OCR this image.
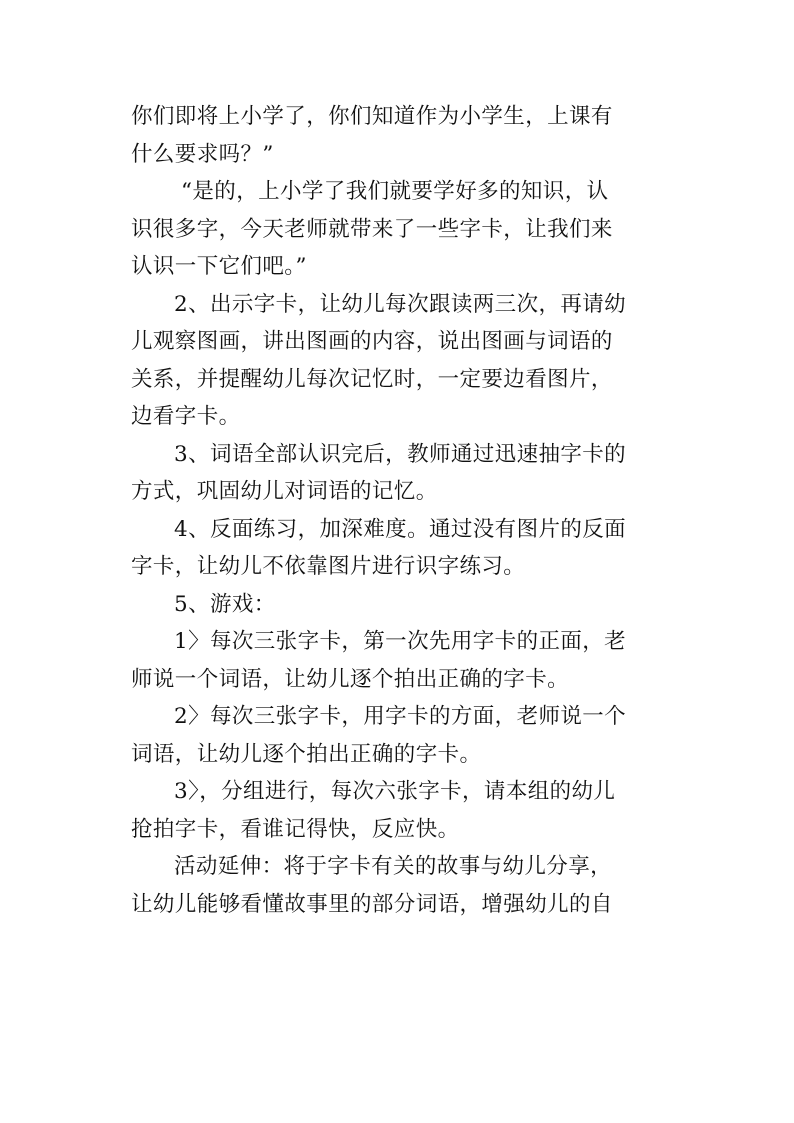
你们即将上小学了，你们知道作为小学生，上课有
什么要求吗？”
“是的，上小学了我们就要学好多的知识，认
识很多字，今天老师就带来了一些字卡，让我们来
认识一下它们吧。”
2、出示字卡，让幼儿每次跟读两三次，再请幼
儿观察图画，讲出图画的内容，说出图画与词语的
关系，并提醒幼儿每次记忆时，一定要边看图片，
边看字卡。
3、词语全部认识完后，教师通过迅速抽字卡的
方式，巩固幼儿对词语的记忆。
4、反面练习，加深难度。通过没有图片的反面
字卡，让幼儿不依靠图片进行识字练习。
5、游戏：
1〉每次三张字卡，第一次先用字卡的正面，老
师说一个词语，让幼儿逐个拍出正确的字卡。
2〉每次三张字卡，用字卡的方面，老师说一个
词语，让幼儿逐个拍出正确的字卡。
3〉，分组进行，每次六张字卡，请本组的幼儿
抢拍字卡，看谁记得快，反应快。
活动延伸：将于字卡有关的故事与幼儿分享，
让幼儿能够看懂故事里的部分词语，增强幼儿的自
